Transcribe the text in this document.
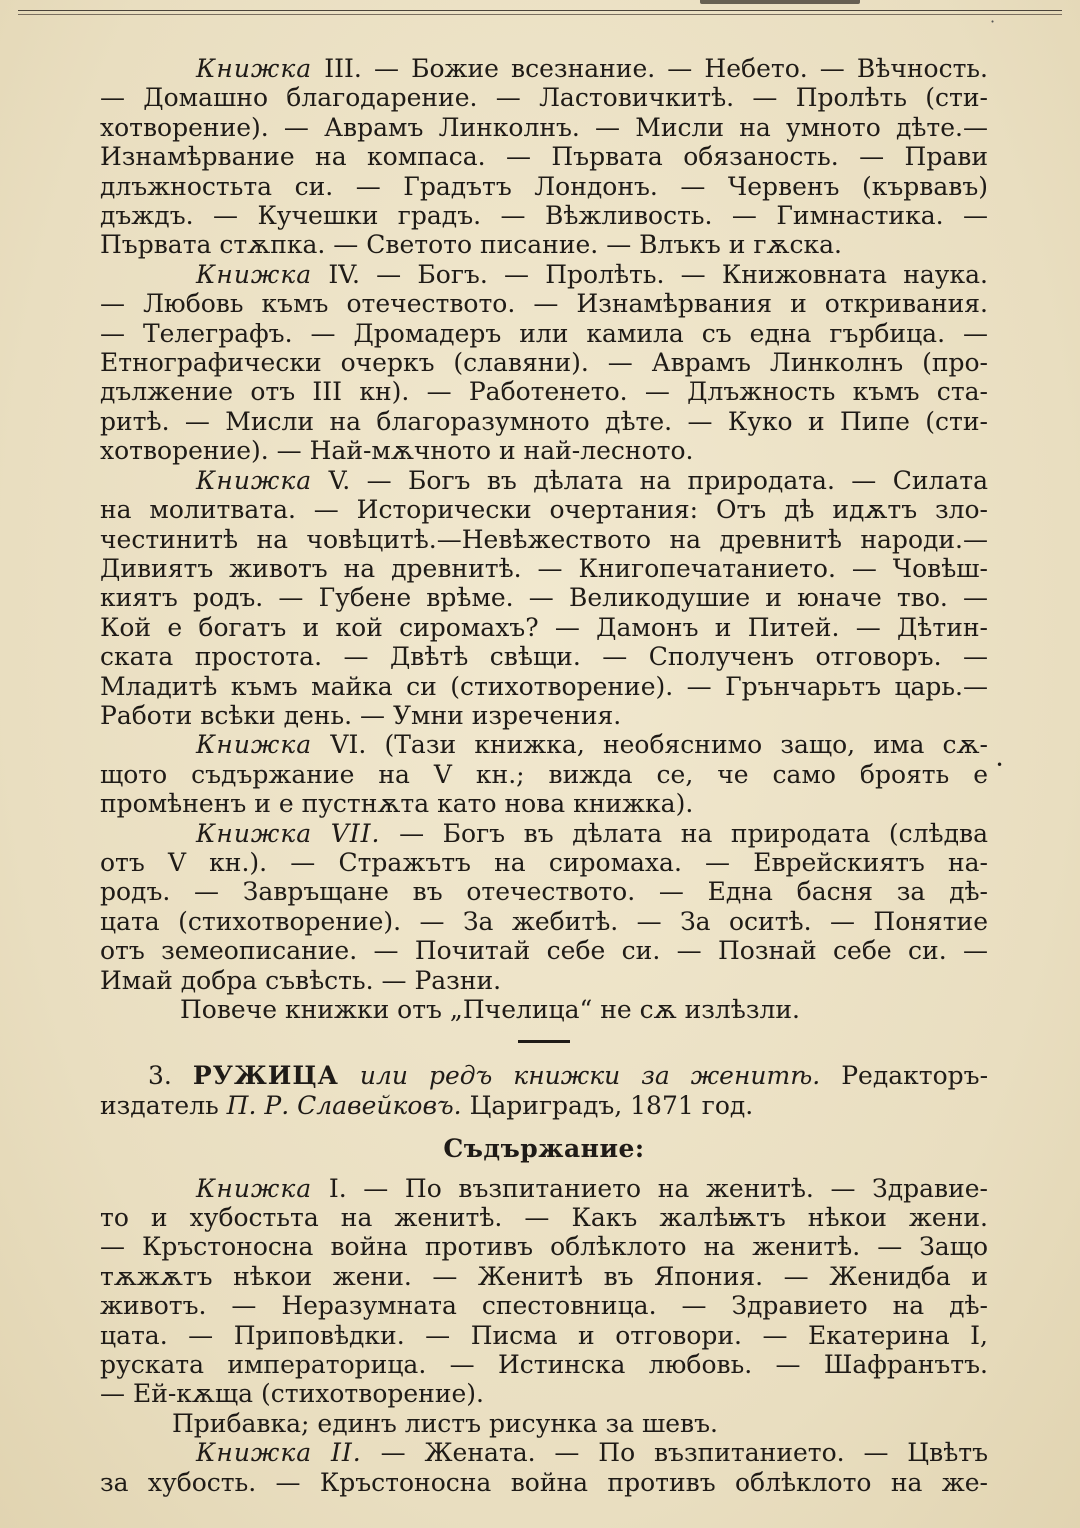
·

Книжка III. — Божие всезнание. — Небето. — Вѣчность.

— Домашно благодарение. — Ластовичкитѣ. — Пролѣть (сти-

хотворение). — Аврамъ Линколнъ. — Мисли на умното дѣте.—

Изнамѣрвание на компаса. — Първата обязаность. — Прави

длъжностьта си. — Градътъ Лондонъ. — Червенъ (кървавъ)

дъждъ. — Кучешки градъ. — Вѣжливость. — Гимнастика. —

Първата стѫпка. — Светото писание. — Влъкъ и гѫска.

Книжка IV. — Богъ. — Пролѣть. — Книжовната наука.

— Любовь къмъ отечеството. — Изнамѣрвания и откривания.

— Телеграфъ. — Дромадеръ или камила съ една гърбица. —

Етнографически очеркъ (славяни). — Аврамъ Линколнъ (про-

дължение отъ III кн). — Работенето. — Длъжность къмъ ста-

ритѣ. — Мисли на благоразумното дѣте. — Куко и Пипе (сти-

хотворение). — Най-мѫчното и най-лесното.

Книжка V. — Богъ въ дѣлата на природата. — Силата

на молитвата. — Исторически очертания: Отъ дѣ идѫтъ зло-

честинитѣ на човѣцитѣ.—Невѣжеството на древнитѣ народи.—

Дивиятъ животъ на древнитѣ. — Книгопечатанието. — Човѣш-

киятъ родъ. — Губене врѣме. — Великодушие и юначе тво. —

Кой е богатъ и кой сиромахъ? — Дамонъ и Питей. — Дѣтин-

ската простота. — Двѣтѣ свѣщи. — Сполученъ отговоръ. —

Младитѣ къмъ майка си (стихотворение). — Грънчарьтъ царь.—

Работи всѣки день. — Умни изречения.

Книжка VI. (Тази книжка, необяснимо защо, има сѫ-

щото съдържание на V кн.; вижда се, че само броять е

промѣненъ и е пустнѫта като нова книжка).

Книжка VII. — Богъ въ дѣлата на природата (слѣдва

отъ V кн.). — Стражътъ на сиромаха. — Еврейскиятъ на-

родъ. — Завръщане въ отечеството. — Една басня за дѣ-

цата (стихотворение). — За жебитѣ. — За оситѣ. — Понятие

отъ земеописание. — Почитай себе си. — Познай себе си. —

Имай добра съвѣсть. — Разни.

Повече книжки отъ „Пчелица“ не сѫ излѣзли.

3. РУЖИЦА или редъ книжки за женитѣ. Редакторъ-

издатель П. Р. Славейковъ. Цариградъ, 1871 год.

Съдържание:

Книжка I. — По възпитанието на женитѣ. — Здравие-

то и хубостьта на женитѣ. — Какъ жалѣѭтъ нѣкои жени.

— Кръстоносна война противъ облѣклото на женитѣ. — Защо

тѫжѫтъ нѣкои жени. — Женитѣ въ Япония. — Женидба и

животъ. — Неразумната спестовница. — Здравието на дѣ-

цата. — Приповѣдки. — Писма и отговори. — Екатерина I,

руската императорица. — Истинска любовь. — Шафранътъ.

— Ей-кѫща (стихотворение).

Прибавка; единъ листъ рисунка за шевъ.

Книжка II. — Жената. — По възпитанието. — Цвѣтъ

за хубость. — Кръстоносна война противъ облѣклото на же-

•
